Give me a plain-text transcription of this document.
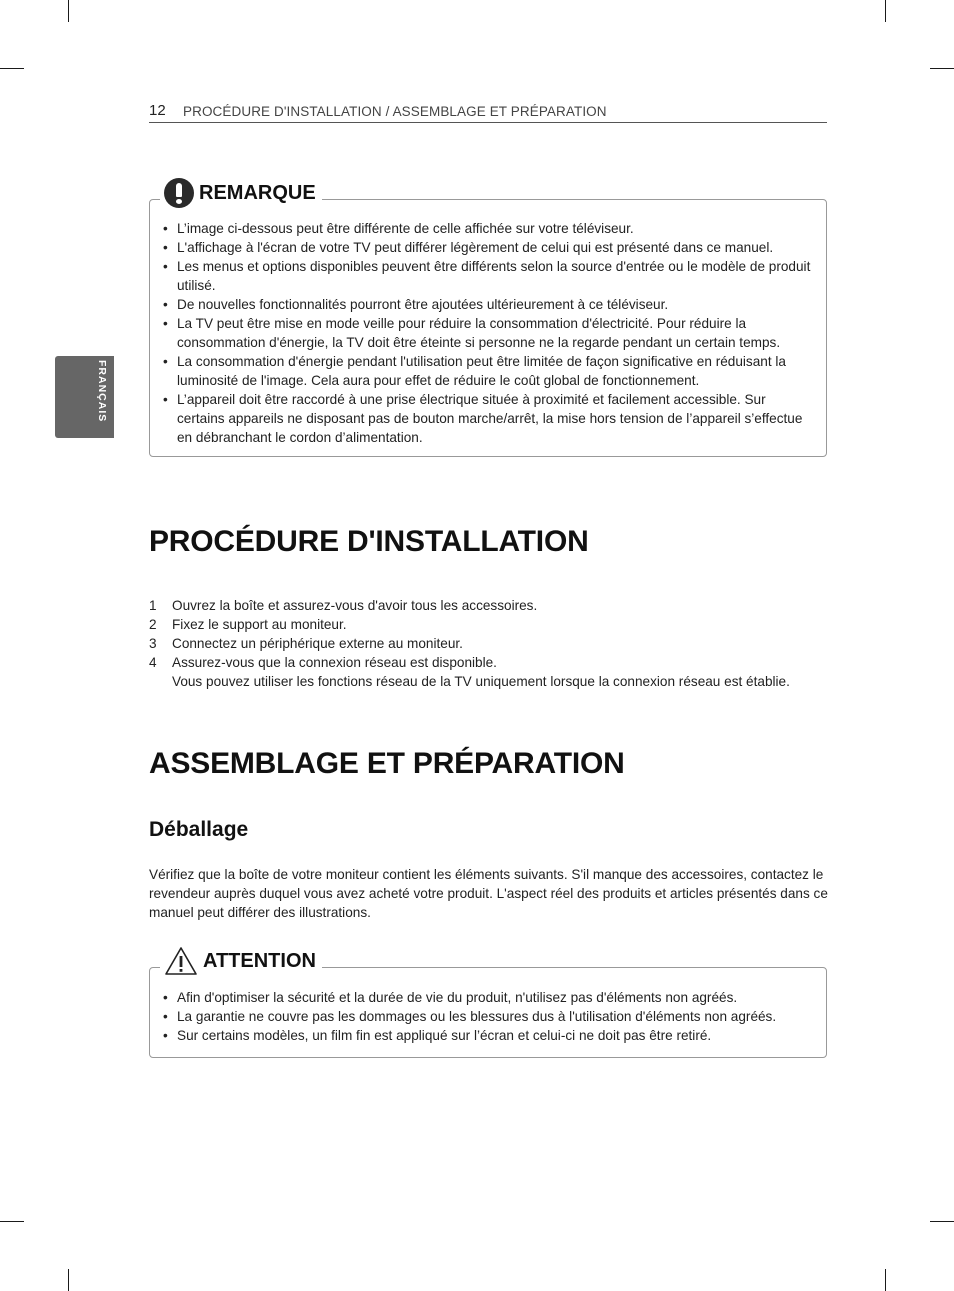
12 PROCÉDURE D'INSTALLATION / ASSEMBLAGE ET PRÉPARATION
FRANÇAIS
REMARQUE
• L’image ci-dessous peut être différente de celle affichée sur votre téléviseur.
• L'affichage à l'écran de votre TV peut différer légèrement de celui qui est présenté dans ce manuel.
• Les menus et options disponibles peuvent être différents selon la source d'entrée ou le modèle de produit utilisé.
• De nouvelles fonctionnalités pourront être ajoutées ultérieurement à ce téléviseur.
• La TV peut être mise en mode veille pour réduire la consommation d'électricité. Pour réduire la consommation d'énergie, la TV doit être éteinte si personne ne la regarde pendant un certain temps.
• La consommation d'énergie pendant l'utilisation peut être limitée de façon significative en réduisant la luminosité de l'image. Cela aura pour effet de réduire le coût global de fonctionnement.
• L’appareil doit être raccordé à une prise électrique située à proximité et facilement accessible. Sur certains appareils ne disposant pas de bouton marche/arrêt, la mise hors tension de l’appareil s’effectue en débranchant le cordon d’alimentation.
PROCÉDURE D'INSTALLATION
1 Ouvrez la boîte et assurez-vous d'avoir tous les accessoires.
2 Fixez le support au moniteur.
3 Connectez un périphérique externe au moniteur.
4 Assurez-vous que la connexion réseau est disponible.
Vous pouvez utiliser les fonctions réseau de la TV uniquement lorsque la connexion réseau est établie.
ASSEMBLAGE ET PRÉPARATION
Déballage

Vérifiez que la boîte de votre moniteur contient les éléments suivants. S'il manque des accessoires, contactez le revendeur auprès duquel vous avez acheté votre produit. L'aspect réel des produits et articles présentés dans ce manuel peut différer des illustrations.

ATTENTION
• Afin d'optimiser la sécurité et la durée de vie du produit, n'utilisez pas d'éléments non agréés.
• La garantie ne couvre pas les dommages ou les blessures dus à l'utilisation d'éléments non agréés.
• Sur certains modèles, un film fin est appliqué sur l’écran et celui-ci ne doit pas être retiré.
